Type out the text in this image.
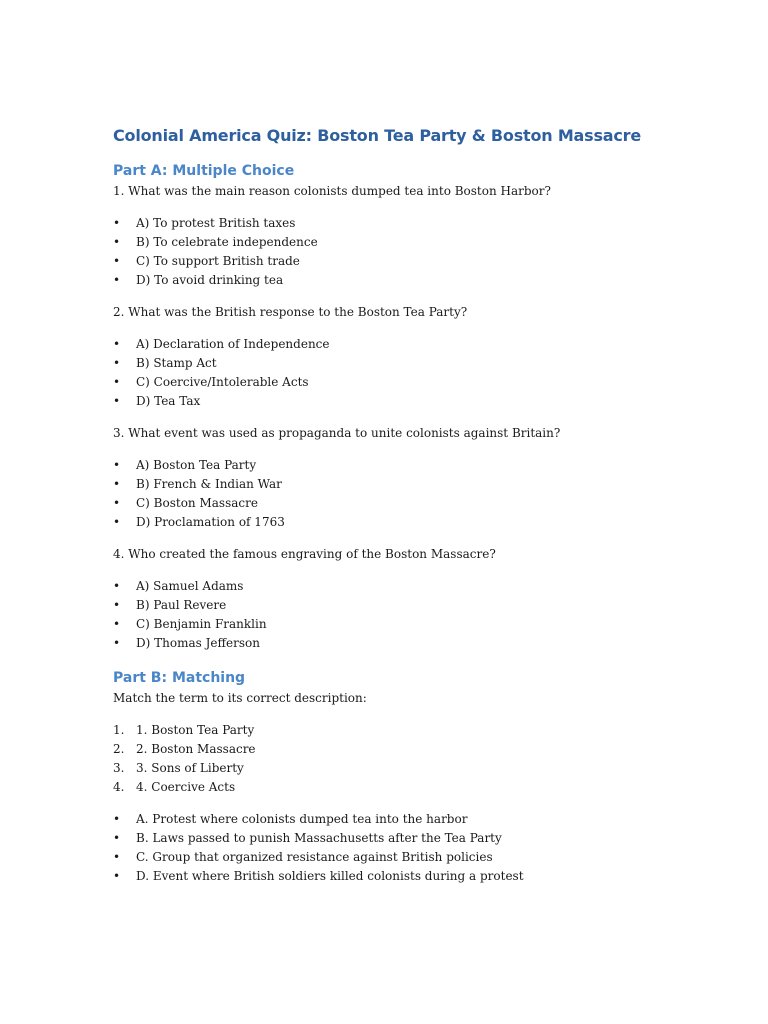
Colonial America Quiz: Boston Tea Party & Boston Massacre
Part A: Multiple Choice

1. What was the main reason colonists dumped tea into Boston Harbor?

• A) To protest British taxes
• B) To celebrate independence
• C) To support British trade
• D) To avoid drinking tea

2. What was the British response to the Boston Tea Party?

• A) Declaration of Independence
• B) Stamp Act
• C) Coercive/Intolerable Acts
• D) Tea Tax

3. What event was used as propaganda to unite colonists against Britain?

• A) Boston Tea Party
• B) French & Indian War
• C) Boston Massacre
• D) Proclamation of 1763

4. Who created the famous engraving of the Boston Massacre?

• A) Samuel Adams
• B) Paul Revere
• C) Benjamin Franklin
• D) Thomas Jefferson
Part B: Matching

Match the term to its correct description:

1. 1. Boston Tea Party
2. 2. Boston Massacre
3. 3. Sons of Liberty
4. 4. Coercive Acts
• A. Protest where colonists dumped tea into the harbor
• B. Laws passed to punish Massachusetts after the Tea Party
• C. Group that organized resistance against British policies
• D. Event where British soldiers killed colonists during a protest
